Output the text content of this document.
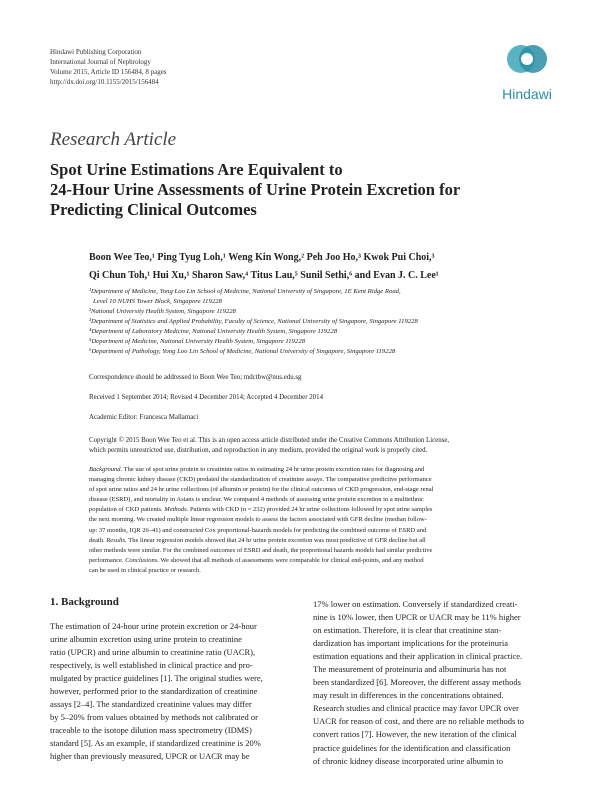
Hindawi Publishing Corporation
International Journal of Nephrology
Volume 2015, Article ID 156484, 8 pages
http://dx.doi.org/10.1155/2015/156484
Hindawi
Research Article
Spot Urine Estimations Are Equivalent to
24-Hour Urine Assessments of Urine Protein Excretion for
Predicting Clinical Outcomes
Boon Wee Teo,¹ Ping Tyug Loh,¹ Weng Kin Wong,² Peh Joo Ho,³ Kwok Pui Choi,³
Qi Chun Toh,¹ Hui Xu,¹ Sharon Saw,⁴ Titus Lau,⁵ Sunil Sethi,⁶ and Evan J. C. Lee¹
¹Department of Medicine, Yong Loo Lin School of Medicine, National University of Singapore, 1E Kent Ridge Road,
Level 10 NUHS Tower Block, Singapore 119228
²National University Health System, Singapore 119228
³Department of Statistics and Applied Probability, Faculty of Science, National University of Singapore, Singapore 119228
⁴Department of Laboratory Medicine, National University Health System, Singapore 119228
⁵Department of Medicine, National University Health System, Singapore 119228
⁶Department of Pathology, Yong Loo Lin School of Medicine, National University of Singapore, Singapore 119228
Correspondence should be addressed to Boon Wee Teo; mdctbw@nus.edu.sg
Received 1 September 2014; Revised 4 December 2014; Accepted 4 December 2014
Academic Editor: Francesca Mallamaci
Copyright © 2015 Boon Wee Teo et al. This is an open access article distributed under the Creative Commons Attribution License,
which permits unrestricted use, distribution, and reproduction in any medium, provided the original work is properly cited.
Background. The use of spot urine protein to creatinine ratios in estimating 24 hr urine protein excretion rates for diagnosing and
managing chronic kidney disease (CKD) predated the standardization of creatinine assays. The comparative predictive performance
of spot urine ratios and 24 hr urine collections (of albumin or protein) for the clinical outcomes of CKD progression, end-stage renal
disease (ESRD), and mortality in Asians is unclear. We compared 4 methods of assessing urine protein excretion in a multiethnic
population of CKD patients. Methods. Patients with CKD (n = 232) provided 24 hr urine collections followed by spot urine samples
the next morning. We created multiple linear regression models to assess the factors associated with GFR decline (median follow-
up: 37 months, IQR 26–41) and constructed Cox proportional-hazards models for predicting the combined outcome of ESRD and
death. Results. The linear regression models showed that 24 hr urine protein excretion was most predictive of GFR decline but all
other methods were similar. For the combined outcomes of ESRD and death, the proportional hazards models had similar predictive
performance. Conclusions. We showed that all methods of assessments were comparable for clinical end-points, and any method
can be used in clinical practice or research.
1. Background
The estimation of 24-hour urine protein excretion or 24-hour
urine albumin excretion using urine protein to creatinine
ratio (UPCR) and urine albumin to creatinine ratio (UACR),
respectively, is well established in clinical practice and pro-
mulgated by practice guidelines [1]. The original studies were,
however, performed prior to the standardization of creatinine
assays [2–4]. The standardized creatinine values may differ
by 5–20% from values obtained by methods not calibrated or
traceable to the isotope dilution mass spectrometry (IDMS)
standard [5]. As an example, if standardized creatinine is 20%
higher than previously measured, UPCR or UACR may be
17% lower on estimation. Conversely if standardized creati-
nine is 10% lower, then UPCR or UACR may be 11% higher
on estimation. Therefore, it is clear that creatinine stan-
dardization has important implications for the proteinuria
estimation equations and their application in clinical practice.
The measurement of proteinuria and albuminuria has not
been standardized [6]. Moreover, the different assay methods
may result in differences in the concentrations obtained.
Research studies and clinical practice may favor UPCR over
UACR for reason of cost, and there are no reliable methods to
convert ratios [7]. However, the new iteration of the clinical
practice guidelines for the identification and classification
of chronic kidney disease incorporated urine albumin to
